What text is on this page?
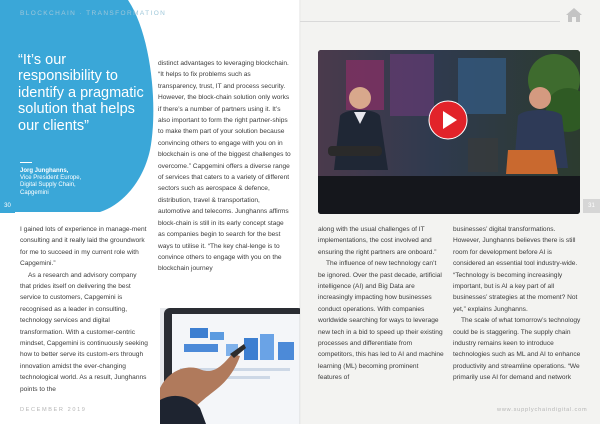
BLOCKCHAIN · TRANSFORMATION
“It’s our responsibility to identify a pragmatic solution that helps our clients”
Jorg Junghanns,
Vice President Europe,
Digital Supply Chain,
Capgemini

distinct advantages to leveraging blockchain. “It helps to fix problems such as transparency, trust, IT and process security. However, the block-chain solution only works if there’s a number of partners using it. It’s also important to form the right partner-ships to make them part of your solution because convincing others to engage with you on in blockchain is one of the biggest challenges to overcome.” Capgemini offers a diverse range of services that caters to a variety of different sectors such as aerospace & defence, distribution, travel & transportation, automotive and telecoms. Junghanns affirms block-chain is still in its early concept stage as companies begin to search for the best ways to utilise it. “The key chal-lenge is to convince others to engage with you on the blockchain journey

I gained lots of experience in manage-ment consulting and it really laid the groundwork for me to succeed in my current role with Capgemini.”

As a research and advisory company that prides itself on delivering the best service to customers, Capgemini is recognised as a leader in consulting, technology services and digital transformation. With a customer-centric mindset, Capgemini is continuously seeking how to better serve its custom-ers through innovation amidst the ever-changing technological world. As a result, Junghanns points to the

30
DECEMBER 2019
31

along with the usual challenges of IT implementations, the cost involved and ensuring the right partners are onboard.”

The influence of new technology can’t be ignored. Over the past decade, artificial intelligence (AI) and Big Data are increasingly impacting how businesses conduct operations. With companies worldwide searching for ways to leverage new tech in a bid to speed up their existing processes and differentiate from competitors, this has led to AI and machine learning (ML) becoming prominent features of

businesses’ digital transformations. However, Junghanns believes there is still room for development before AI is considered an essential tool industry-wide. “Technology is becoming increasingly important, but is AI a key part of all businesses’ strategies at the moment? Not yet,” explains Junghanns.

The scale of what tomorrow’s technology could be is staggering. The supply chain industry remains keen to introduce technologies such as ML and AI to enhance productivity and streamline operations. “We primarily use AI for demand and network

www.supplychaindigital.com
